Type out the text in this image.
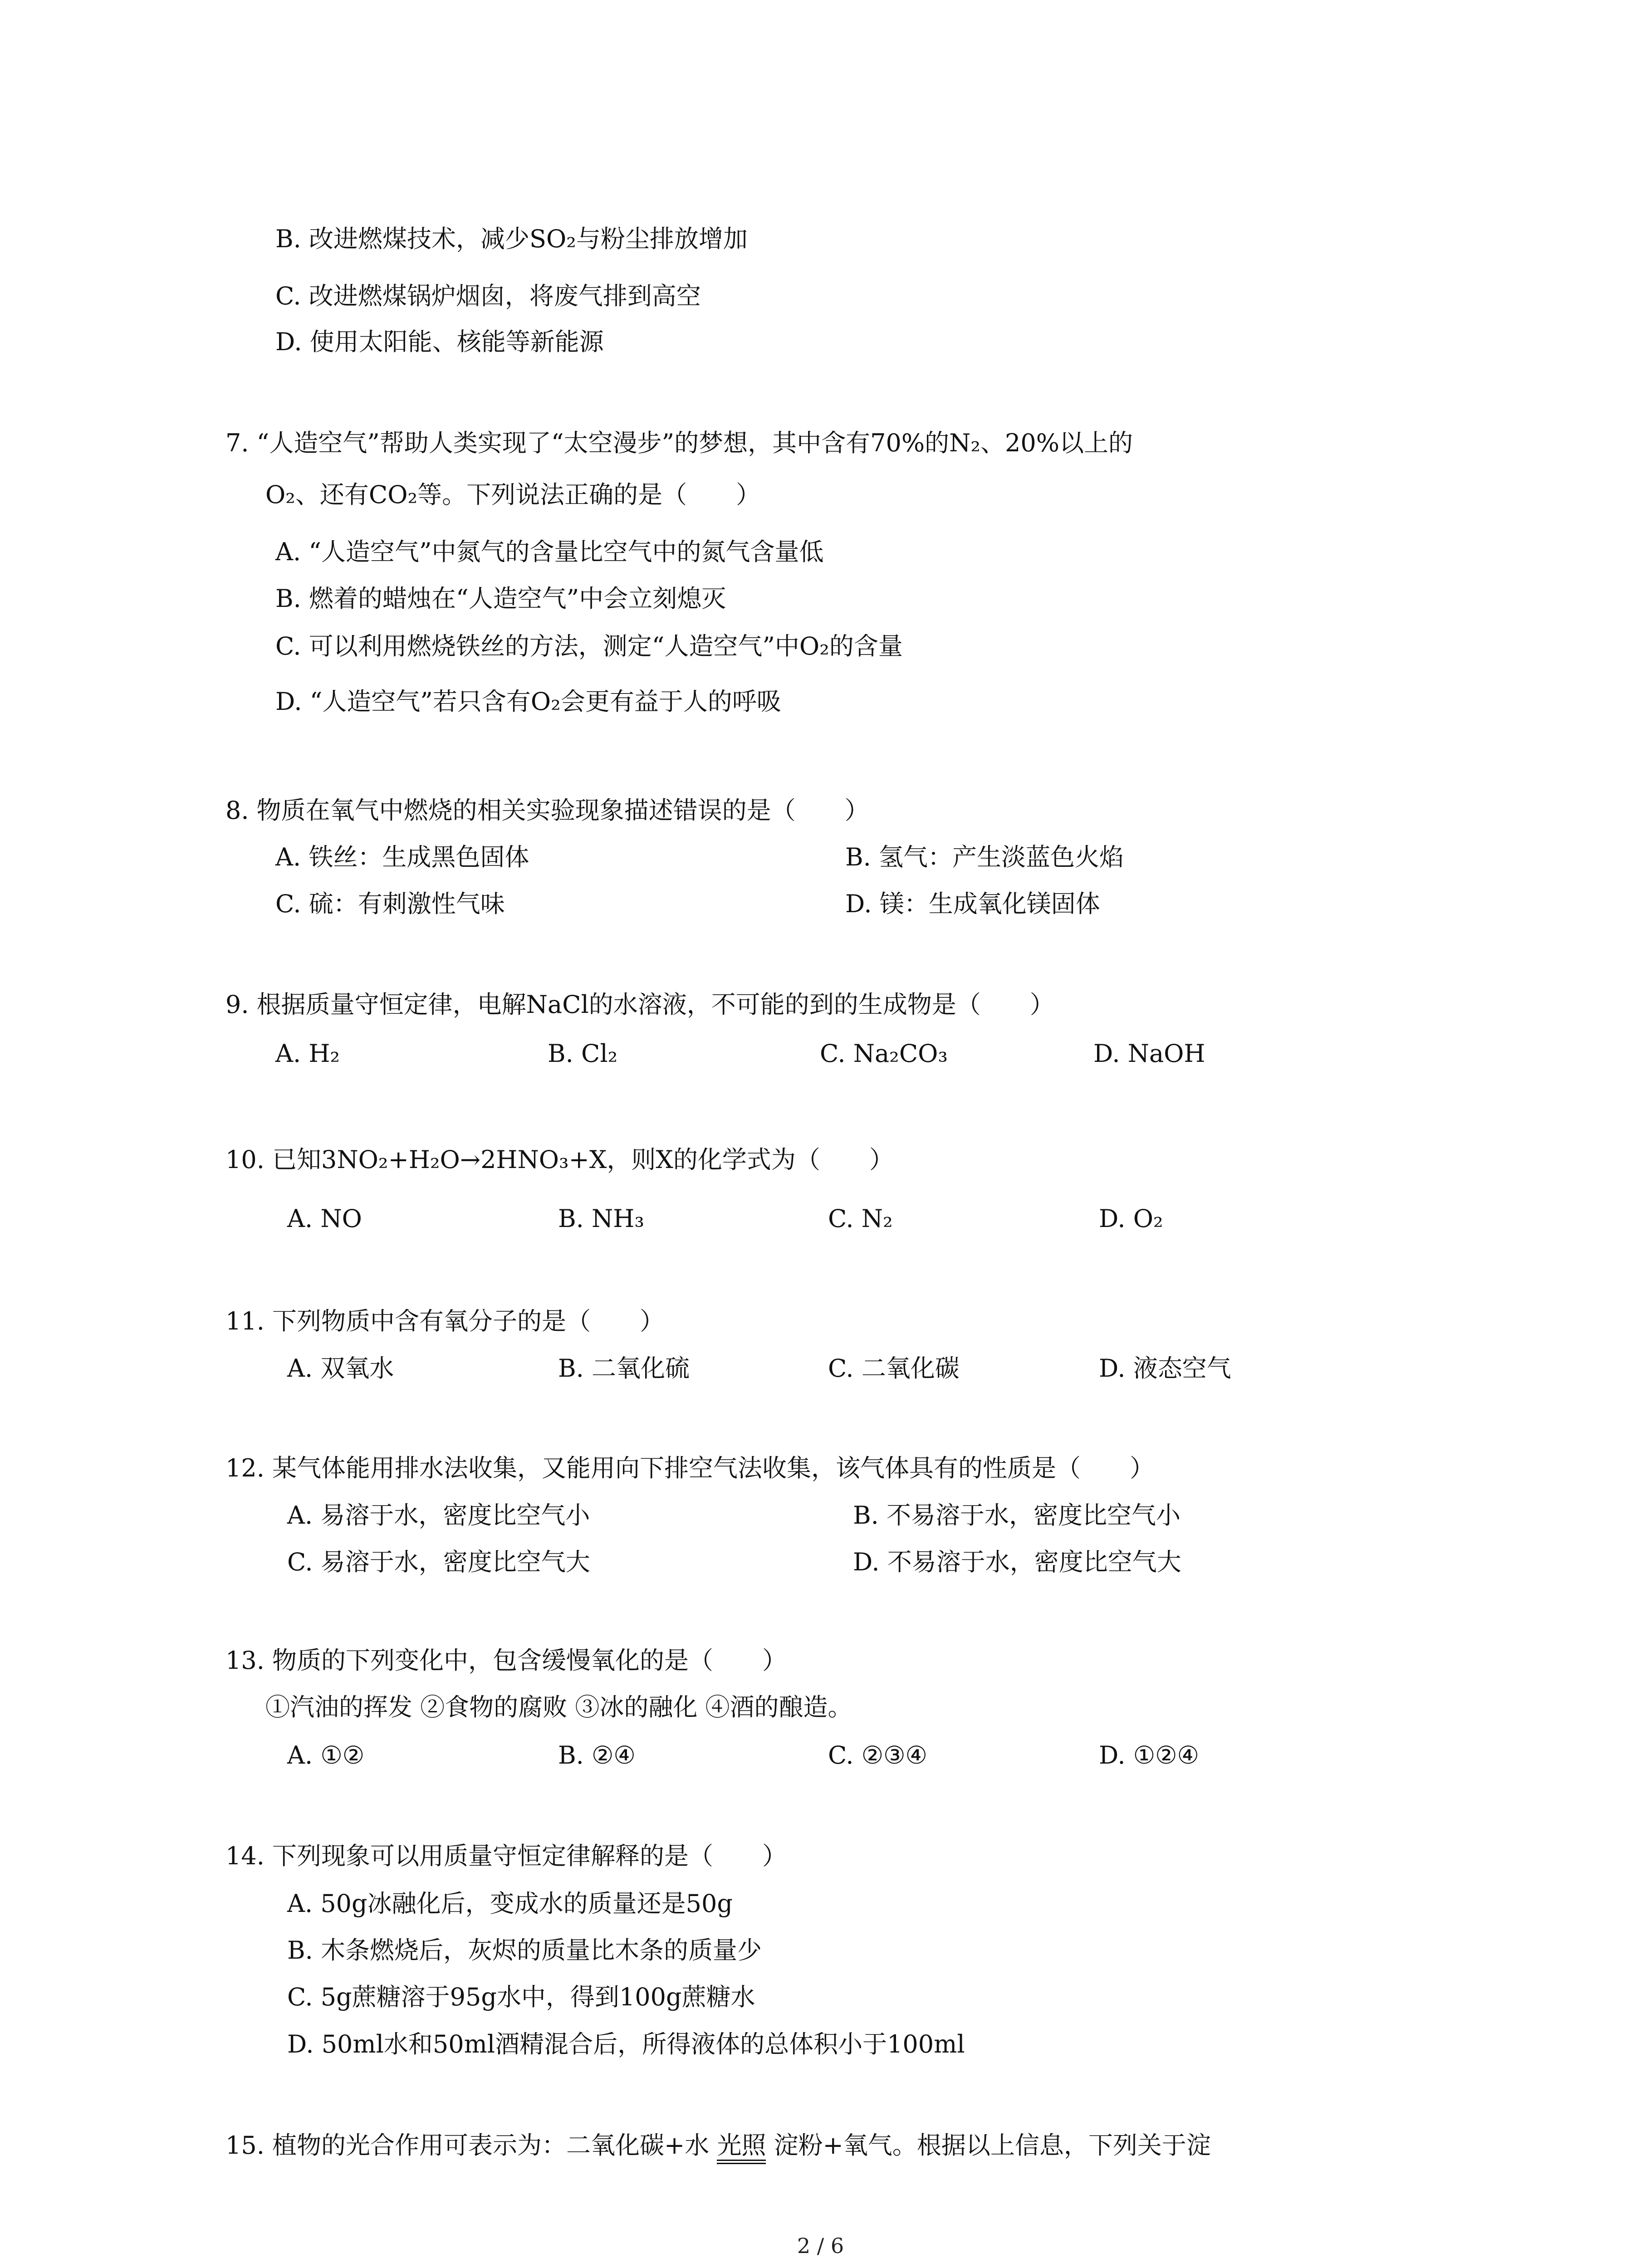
B. 改进燃煤技术，减少SO₂与粉尘排放增加
C. 改进燃煤锅炉烟囱，将废气排到高空
D. 使用太阳能、核能等新能源
7. “人造空气”帮助人类实现了“太空漫步”的梦想，其中含有70%的N₂、20%以上的
O₂、还有CO₂等。下列说法正确的是（　　）
A. “人造空气”中氮气的含量比空气中的氮气含量低
B. 燃着的蜡烛在“人造空气”中会立刻熄灭
C. 可以利用燃烧铁丝的方法，测定“人造空气”中O₂的含量
D. “人造空气”若只含有O₂会更有益于人的呼吸
8. 物质在氧气中燃烧的相关实验现象描述错误的是（　　）
A. 铁丝：生成黑色固体	B. 氢气：产生淡蓝色火焰
C. 硫：有刺激性气味	D. 镁：生成氧化镁固体
9. 根据质量守恒定律，电解NaCl的水溶液，不可能的到的生成物是（　　）
A. H₂	B. Cl₂	C. Na₂CO₃	D. NaOH
10. 已知3NO₂+H₂O→2HNO₃+X，则X的化学式为（　　）
A. NO	B. NH₃	C. N₂	D. O₂
11. 下列物质中含有氧分子的是（　　）
A. 双氧水	B. 二氧化硫	C. 二氧化碳	D. 液态空气
12. 某气体能用排水法收集，又能用向下排空气法收集，该气体具有的性质是（　　）
A. 易溶于水，密度比空气小	B. 不易溶于水，密度比空气小
C. 易溶于水，密度比空气大	D. 不易溶于水，密度比空气大
13. 物质的下列变化中，包含缓慢氧化的是（　　）
①汽油的挥发 ②食物的腐败 ③冰的融化 ④酒的酿造。
A. ①②	B. ②④	C. ②③④	D. ①②④
14. 下列现象可以用质量守恒定律解释的是（　　）
A. 50g冰融化后，变成水的质量还是50g
B. 木条燃烧后，灰烬的质量比木条的质量少
C. 5g蔗糖溶于95g水中，得到100g蔗糖水
D. 50ml水和50ml酒精混合后，所得液体的总体积小于100ml
15. 植物的光合作用可表示为：二氧化碳+水 光照 淀粉+氧气。根据以上信息，下列关于淀
2 / 6
